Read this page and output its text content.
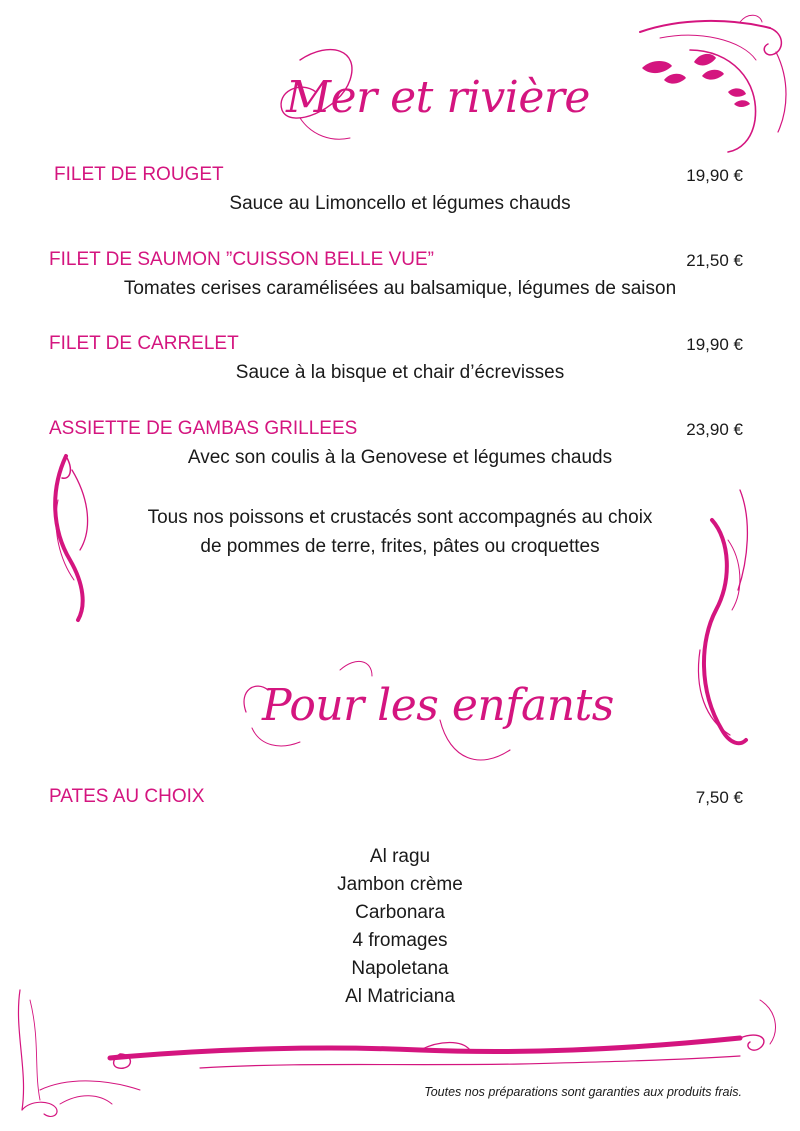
Mer et rivière
FILET DE ROUGET	19,90 €
Sauce au Limoncello et légumes chauds
FILET DE SAUMON ”CUISSON BELLE VUE”	21,50 €
Tomates cerises caramélisées au balsamique, légumes de saison
FILET DE CARRELET	19,90 €
Sauce à la bisque et chair d’écrevisses
ASSIETTE DE GAMBAS GRILLEES	23,90 €
Avec son coulis à la Genovese et légumes chauds
Tous nos poissons et crustacés sont accompagnés au choix
de pommes de terre, frites, pâtes ou croquettes
Pour les enfants
PATES AU CHOIX	7,50 €
Al ragu
Jambon crème
Carbonara
4 fromages
Napoletana
Al Matriciana
Toutes nos préparations sont garanties aux produits frais.
